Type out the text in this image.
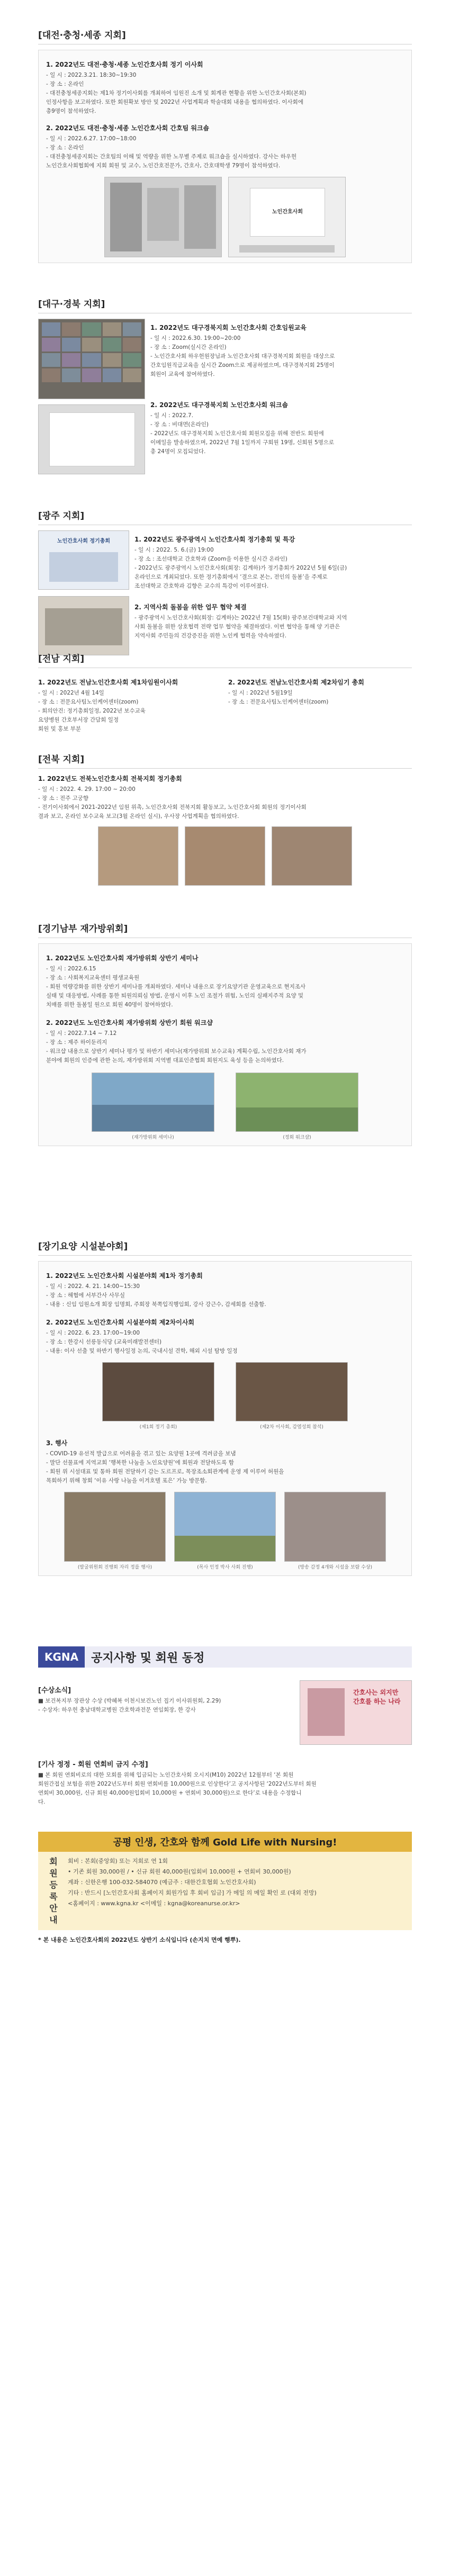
[대전·충청·세종 지회]
1. 2022년도 대전·충청·세종 노인간호사회 정기 이사회

- 일 시 : 2022.3.21. 18:30~19:30

- 장 소 : 온라인

- 대전충청세종지회는 제1차 정기이사회를 개최하여 임원진 소개 및 회계관 현황을 위한 노인간호사회(본회)

인정사항을 보고하였다. 또한 회원확보 방안 및 2022년 사업계획과 학술대회 내용을 협의하였다. 이사회에

총9명이 참석하였다.

2. 2022년도 대전·충청·세종 노인간호사회 간호팀 워크숍

- 일 시 : 2022.6.27. 17:00~18:00

- 장 소 : 온라인

- 대전충청세종지회는 간호팀의 이해 및 역량을 위한 노무별 주제로 워크숍을 실시하였다. 강사는 하우헌

노인간호사회협회에 지회 회원 및 교수, 노인간호전문가, 간호사, 간호대학생 79명이 참석하였다.

노인간호사회
[대구·경북 지회]
1. 2022년도 대구경북지회 노인간호사회 간호임원교육

- 일 시 : 2022.6.30. 19:00~20:00

- 장 소 : Zoom(실시간 온라인)

- 노인간호사회 하우헌원장님과 노인간호사회 대구경북지회 회원을 대상으로

간호임원직급교육을 실시간 Zoom으로 제공하였으며, 대구경북지회 25명이

회원이 교육에 참여하였다.

2. 2022년도 대구경북지회 노인간호사회 워크숍

- 일 시 : 2022.7.

- 장 소 : 비대면(온라인)

- 2022년도 대구경북지회 노인간호사회 회원모집을 위해 전반도 회원에

이메일을 발송하였으며, 2022년 7월 1일까지 구회원 19명, 신회원 5명으로

총 24명이 모집되었다.

[광주 지회]
노인간호사회 정기총회	1. 2022년도 광주광역시 노인간호사회 정기총회 및 특강

- 일 시 : 2022. 5. 6.(금) 19:00

- 장 소 : 조선대학교 간호학과 (Zoom을 이용한 실시간 온라인)

- 2022년도 광주광역시 노인간호사회(회장: 김계하)가 정기총회가 2022년 5월 6일(금)

온라인으로 개최되었다. 또한 정기총회에서 ‘결으로 본는, 전인의 돌봄’을 주제로

조선대학교 간호학과 김향은 교수의 특강이 이루어졌다.

2. 지역사회 돌봄을 위한 업무 협약 체결

- 광주광역시 노인간호사회(회장: 김계하)는 2022년 7월 15(화) 광주보건대학교와 지역

사회 돌봄을 위한 상호협력 전략 업무 협약을 체결하였다. 이번 협약을 통해 양 기관은

지역사회 주민들의 건강증진을 위한 노인케 협력을 약속하였다.

[전남 지회]
1. 2022년도 전남노인간호사회 제1차임원이사회

- 일 시 : 2022년 4월 14일

- 장 소 : 전문요사팀노인케어센터(zoom)

- 회의안건: 정기총회일정, 2022년 보수교육

요양병원 간호부서장 간담회 일정

회원 및 홍보 부분

2. 2022년도 전남노인간호사회 제2차임기 총회

- 일 시 : 2022년 5월19일

- 장 소 : 전문요사팀노인케어센터(zoom)

[전북 지회]
1. 2022년도 전북노인간호사회 전북지회 정기총회

- 일 시 : 2022. 4. 29. 17:00 ~ 20:00

- 장 소 : 전주 고궁향

- 전기이사회에서 2021-2022년 임원 위촉, 노인간호사회 전북지회 활동보고, 노인간호사회 회원의 정기이사회

결과 보고, 온라인 보수교육 보고(3월 온라인 실시), 우사장 사업계획을 협의하였다.

[경기남부 재가방위회]
1. 2022년도 노인간호사회 재가방위회 상반기 세미나

- 일 시 : 2022.6.15

- 장 소 : 사회복지교육센터 평생교육원

- 회원 역량강화를 위한 상반기 세미나를 개최하였다. 세미나 내용으로 장기요양기관 운영교육으로 현지조사

실태 및 대응방법, 사례를 통한 퇴원의뢰심 방법, 운영시 이후 노인 조절가 위험, 노인의 실패지주적 요양 및

치매를 위한 돌봄일 원으로 회원 40명이 참여하였다.

2. 2022년도 노인간호사회 재가방위회 상반기 회원 워크샵

- 일 시 : 2022.7.14 ~ 7.12

- 장 소 : 제주 하이둔리지

- 워크샵 내용으로 상반기 세미나 평가 및 하반기 세미나(재가방위회 보수교육) 계획수립, 노인간호사회 재가

분야에 회원의 인증에 관한 논의, 재가방위회 지역별 대표인준협회 회원지도 육성 등을 논의하였다.

(재가방위회 세미나)	(정회 워크샵)
[장기요양 시설분야회]
1. 2022년도 노인간호사회 시설분야회 제1차 정기총회

- 일 시 : 2022. 4. 21. 14:00~15:30

- 장 소 : 해협에 서부간사 사무실

- 내용 : 신임 임원소개 회장 임명회, 주회장 북쪽입직행임회, 강사 강근수, 감세회를 선출함.

2. 2022년도 노인간호사회 시설분야회 제2차이사회

- 일 시 : 2022. 6. 23. 17:00~19:00

- 장 소 : 한강시 선릉동식당 (교육미래발전센터)

- 내용: 이사 선출 및 하반기 행사일정 논의, 국내시설 견학, 해외 시설 탐방 일정

(제1회 정기 총회)	(제2차 이사회, 감염성회 참석)
3. 행사

- COVID-19 유선적 발급으로 어려움을 겪고 있는 요양원 1곳에 격려금을 보냄

- 말단 선물표에 지역교회 ‘행복한 나눔을 노인요양원’에 회원과 전달하도록 함

- 회원 위 시설대표 및 통하 회원 전달하기 감는 도르프로, 목장조소회관계에 운영 제 이루어 허원을

목회하기 위해 창회 ‘이유 사랑 나눔을 이겨호텔 포은’ 가능 방문함.

(발굴위원회 진행회 자리 정를 행사)	(목사 인정 박사 사회 진행)	(방송 감정 4개와 시설을 보람 수상)
KGNA	공지사항 및 회원 동정
[수상소식]

■ 보건복지부 장관상 수상 (박혜복 이천시보건노인 집기 이사위원회, 2.29)

- 수상자: 하우헌 충남대학교병원 간호학과전문 연임회장, 한 강사

간호사는 외지만 간호를 하는 나라
[기사 정정 - 회원 연회비 금지 수정]

■ 본 회원 연회비로의 대한 모회를 위해 입금되는 노인간호사회 오시지(M10) 2022년 12월부터 ‘본 회원

회원간접실 보험을 위한 2022년도부터 회원 연회비를 10,000원으로 인상한다’고 공지사항된 ‘2022년도부터 회원

연회비 30,000원, 신규 회원 40,000원입회비 10,000원 + 연회비 30,000원)으로 한다’로 내용을 수정합니

다.

공평 인생, 간호와 함께 Gold Life with Nursing!
회원
등록
안내
회비 : 본회(중앙회) 또는 지회로 연 1회
• 기존 회원 30,000원 / • 신규 회원 40,000원(입회비 10,000원 + 연회비 30,000원)
계좌 : 신한은행 100-032-584070 (예금주 : 대한간호협회 노인간호사회)
기타 : 반드시 [노인간호사회 홈페이지 회원가입 후 회비 입금] 가 메일 의 메일 확인 로 (대외 전망)
<홈페이지 : www.kgna.kr <이메일 : kgna@koreanurse.or.kr>
* 본 내용은 노인간호사회의 2022년도 상반기 소식입니다 (손지치 면예 행뿌).
